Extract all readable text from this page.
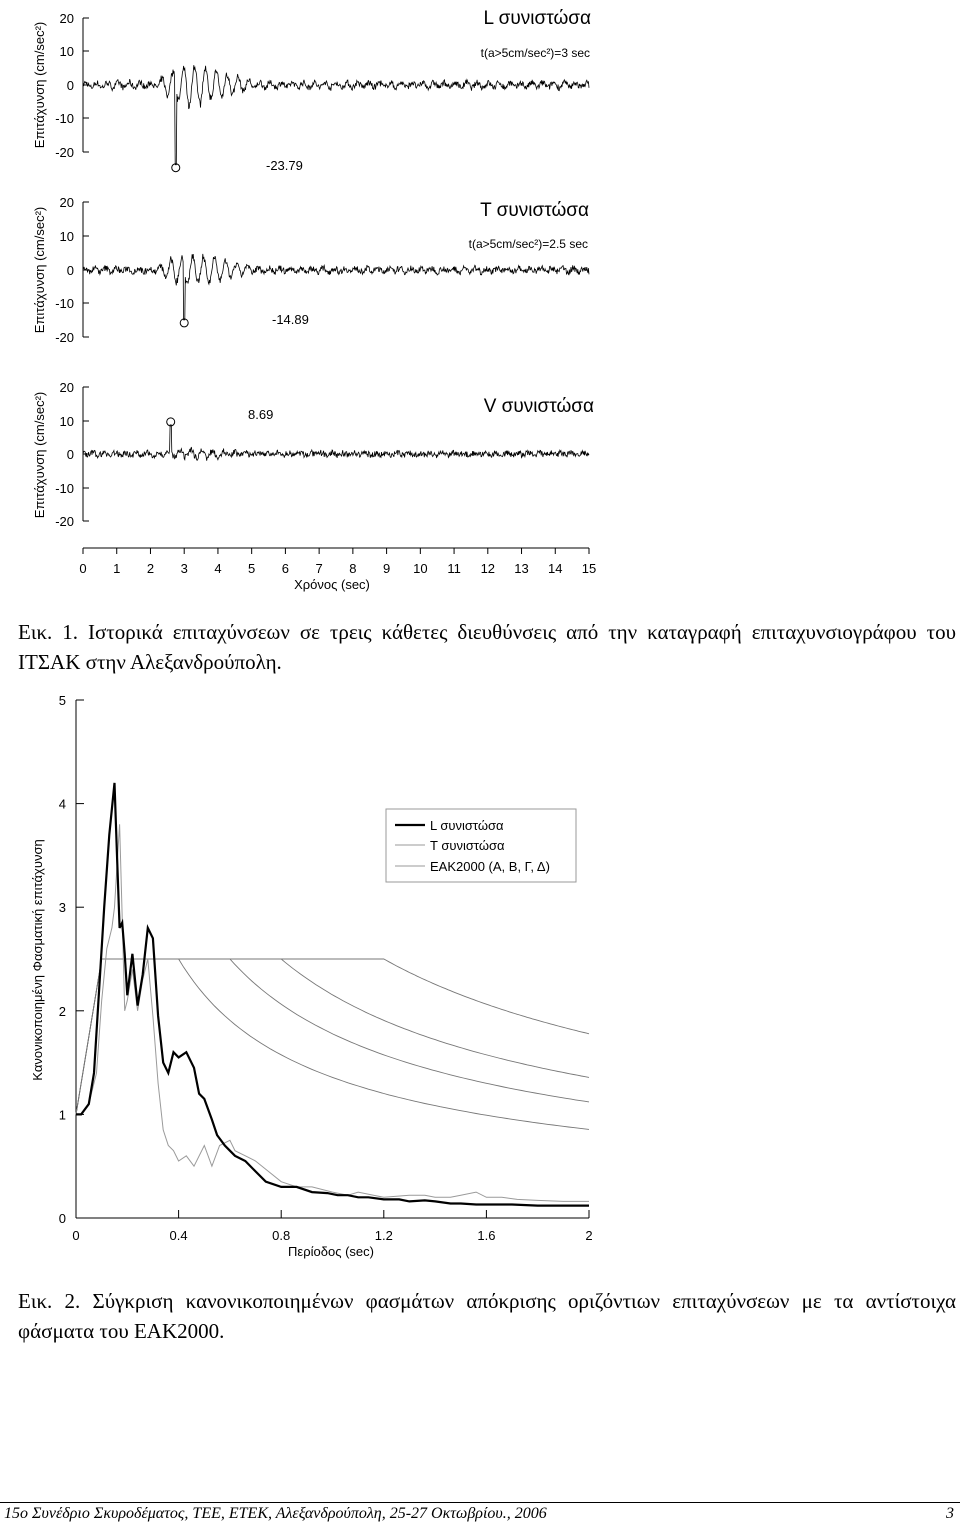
Επιτάχυνση (cm/sec²)
20
10
0
-10
-20
-23.79
L συνιστώσα
t(a>5cm/sec²)=3 sec
Επιτάχυνση (cm/sec²)
20
10
0
-10
-20
-14.89
T συνιστώσα
t(a>5cm/sec²)=2.5 sec
Επιτάχυνση (cm/sec²)
20
10
0
-10
-20
8.69	V συνιστώσα
Χρόνος (sec)
0 1 2 3 4 5 6 7 8 9 10 11 12 13 14 15
Εικ. 1. Ιστορικά επιταχύνσεων σε τρεις κάθετες διευθύνσεις από την καταγραφή επιταχυνσιογράφου του ΙΤΣΑΚ στην Αλεξανδρούπολη.
Κανονικοποιημένη Φασματική επιτάχυνση
0
1
2
3
4
5
0	0.4	0.8	1.2	1.6	2
Περίοδος (sec)
L συνιστώσα
T συνιστώσα
ΕΑΚ2000 (Α, Β, Γ, Δ)
Εικ. 2. Σύγκριση κανονικοποιημένων φασμάτων απόκρισης οριζόντιων επιταχύνσεων με τα αντίστοιχα φάσματα του ΕΑΚ2000.
15ο Συνέδριο Σκυροδέματος, ΤΕΕ, ΕΤΕΚ, Αλεξανδρούπολη, 25-27 Οκτωβρίου., 2006	3
